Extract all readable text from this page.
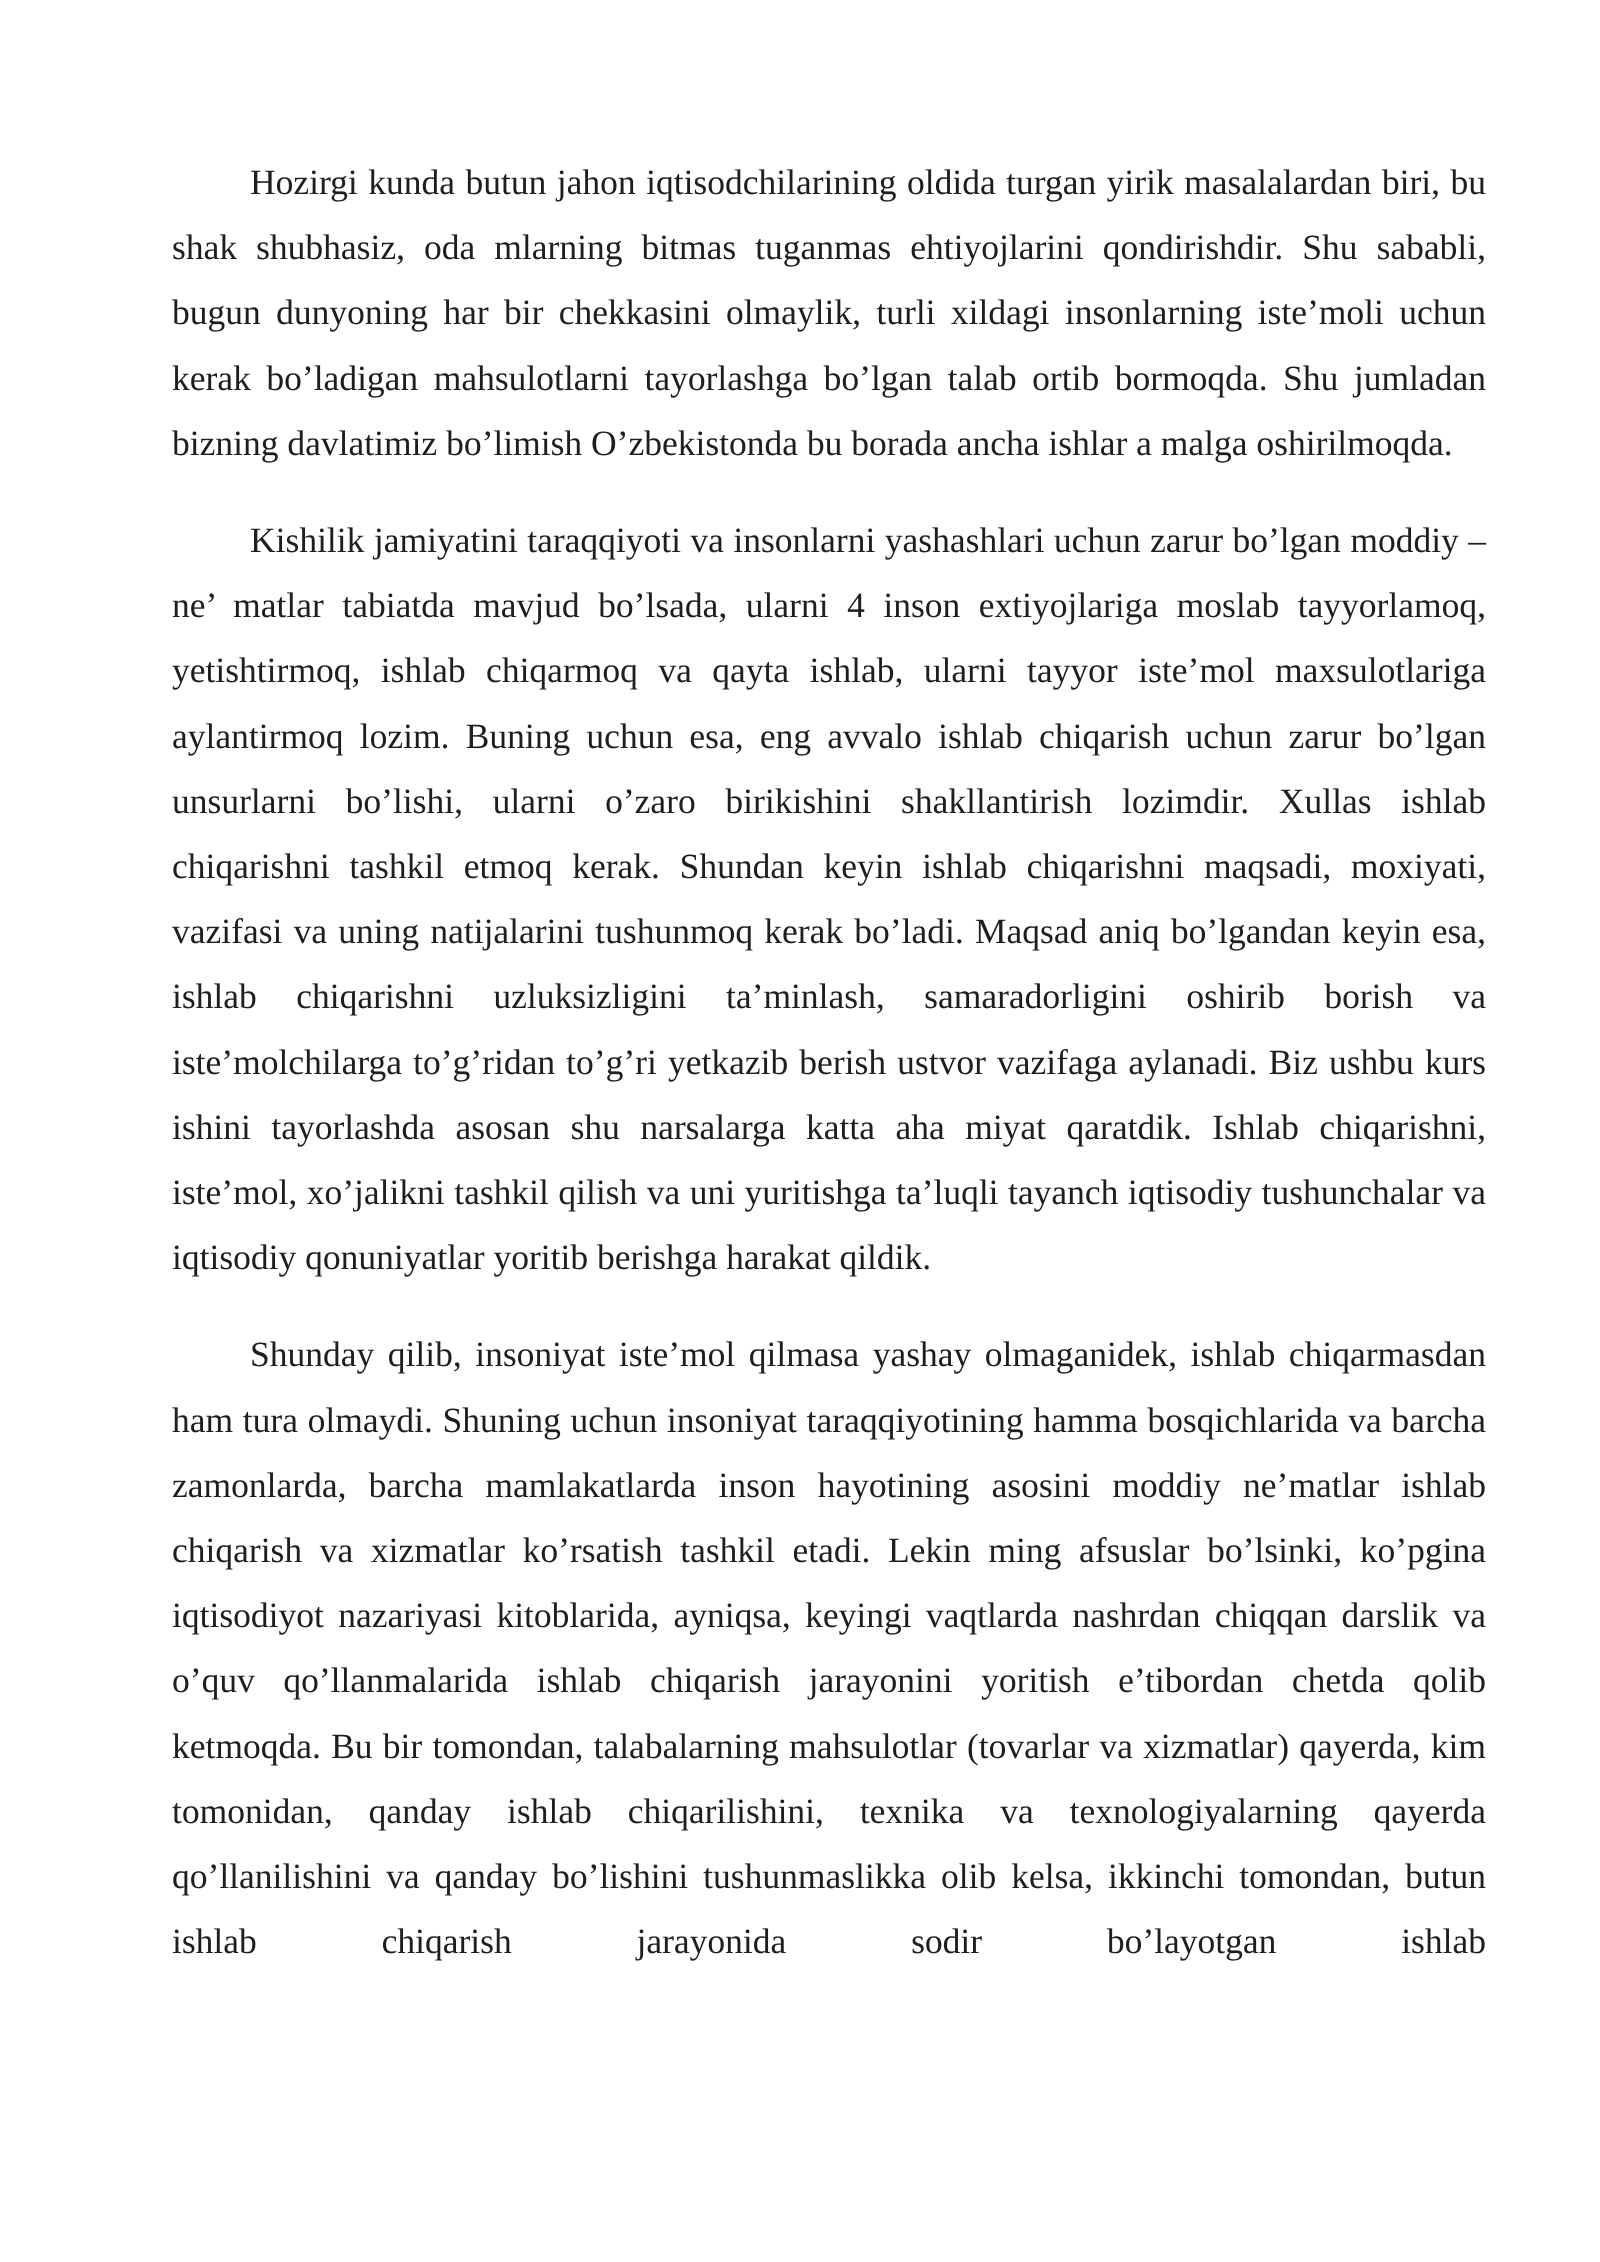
Hozirgi kunda butun jahon iqtisodchilarining oldida turgan yirik masalalardan biri, bu shak shubhasiz, oda mlarning bitmas tuganmas ehtiyojlarini qondirishdir. Shu sababli, bugun dunyoning har bir chekkasini olmaylik, turli xildagi insonlarning iste’moli uchun kerak bo’ladigan mahsulotlarni tayorlashga bo’lgan talab ortib bormoqda. Shu jumladan bizning davlatimiz bo’limish O’zbekistonda bu borada ancha ishlar a malga oshirilmoqda.

Kishilik jamiyatini taraqqiyoti va insonlarni yashashlari uchun zarur bo’lgan moddiy – ne’ matlar tabiatda mavjud bo’lsada, ularni 4 inson extiyojlariga moslab tayyorlamoq, yetishtirmoq, ishlab chiqarmoq va qayta ishlab, ularni tayyor iste’mol maxsulotlariga aylantirmoq lozim. Buning uchun esa, eng avvalo ishlab chiqarish uchun zarur bo’lgan unsurlarni bo’lishi, ularni o’zaro birikishini shakllantirish lozimdir. Xullas ishlab chiqarishni tashkil etmoq kerak. Shundan keyin ishlab chiqarishni maqsadi, moxiyati, vazifasi va uning natijalarini tushunmoq kerak bo’ladi. Maqsad aniq bo’lgandan keyin esa, ishlab chiqarishni uzluksizligini ta’minlash, samaradorligini oshirib borish va iste’molchilarga to’g’ridan to’g’ri yetkazib berish ustvor vazifaga aylanadi. Biz ushbu kurs ishini tayorlashda asosan shu narsalarga katta aha miyat qaratdik. Ishlab chiqarishni, iste’mol, xo’jalikni tashkil qilish va uni yuritishga ta’luqli tayanch iqtisodiy tushunchalar va iqtisodiy qonuniyatlar yoritib berishga harakat qildik.

Shunday qilib, insoniyat iste’mol qilmasa yashay olmaganidek, ishlab chiqarmasdan ham tura olmaydi. Shuning uchun insoniyat taraqqiyotining hamma bosqichlarida va barcha zamonlarda, barcha mamlakatlarda inson hayotining asosini moddiy ne’matlar ishlab chiqarish va xizmatlar ko’rsatish tashkil etadi. Lekin ming afsuslar bo’lsinki, ko’pgina iqtisodiyot nazariyasi kitoblarida, ayniqsa, keyingi vaqtlarda nashrdan chiqqan darslik va o’quv qo’llanmalarida ishlab chiqarish jarayonini yoritish e’tibordan chetda qolib ketmoqda. Bu bir tomondan, talabalarning mahsulotlar (tovarlar va xizmatlar) qayerda, kim tomonidan, qanday ishlab chiqarilishini, texnika va texnologiyalarning qayerda qo’llanilishini va qanday bo’lishini tushunmaslikka olib kelsa, ikkinchi tomondan, butun ishlab chiqarish jarayonida sodir bo’layotgan ishlab
